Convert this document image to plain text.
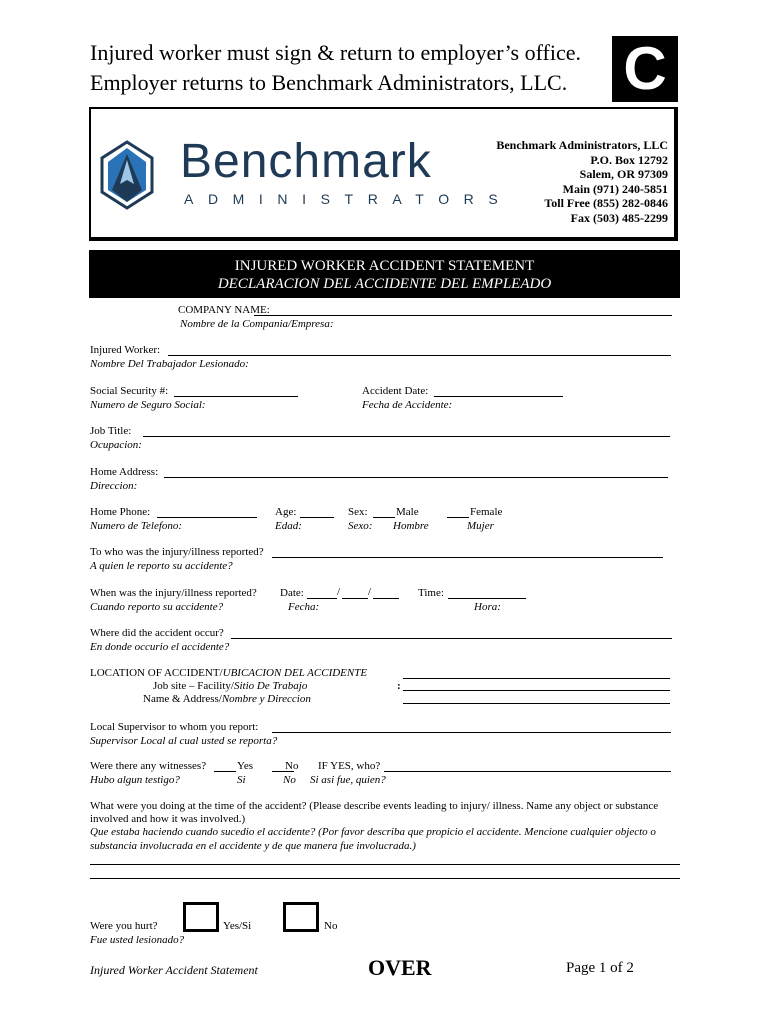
Injured worker must sign & return to employer’s office.
Employer returns to Benchmark Administrators, LLC. C
Benchmark
ADMINISTRATORS
Benchmark Administrators, LLC
P.O. Box 12792
Salem, OR 97309
Main (971) 240-5851
Toll Free (855) 282-0846
Fax (503) 485-2299
INJURED WORKER ACCIDENT STATEMENT
DECLARACION DEL ACCIDENTE DEL EMPLEADO
COMPANY NAME:
Nombre de la Compania/Empresa:
Injured Worker:
Nombre Del Trabajador Lesionado:
Social Security #:
Numero de Seguro Social:
Accident Date:
Fecha de Accidente:
Job Title:
Ocupacion:
Home Address:
Direccion:
Home Phone:
Numero de Telefono:
Age:
Edad:
Sex:	Male
Sexo: Hombre
Female
Mujer
To who was the injury/illness reported?
A quien le reporto su accidente?
When was the injury/illness reported?
Cuando reporto su accidente?
Date:	/	/
Fecha:
Time:
Hora:
Where did the accident occur?
En donde occurio el accidente?
LOCATION OF ACCIDENT/UBICACION DEL ACCIDENTE
Job site – Facility/Sitio De Trabajo
Name & Address/Nombre y Direccion
:
Local Supervisor to whom you report:
Supervisor Local al cual usted se reporta?
Were there any witnesses?	Yes	No IF YES, who?
Hubo algun testigo?	Si	No Si asi fue, quien?
What were you doing at the time of the accident? (Please describe events leading to injury/ illness. Name any object or substance
involved and how it was involved.)
Que estaba haciendo cuando sucedio el accidente? (Por favor describa que propicio el accidente. Mencione cualquier objecto o
substancia involucrada en el accidente y de que manera fue involucrada.)
Were you hurt?
Fue usted lesionado?
Yes/Si	No
Injured Worker Accident Statement	OVER	Page 1 of 2
